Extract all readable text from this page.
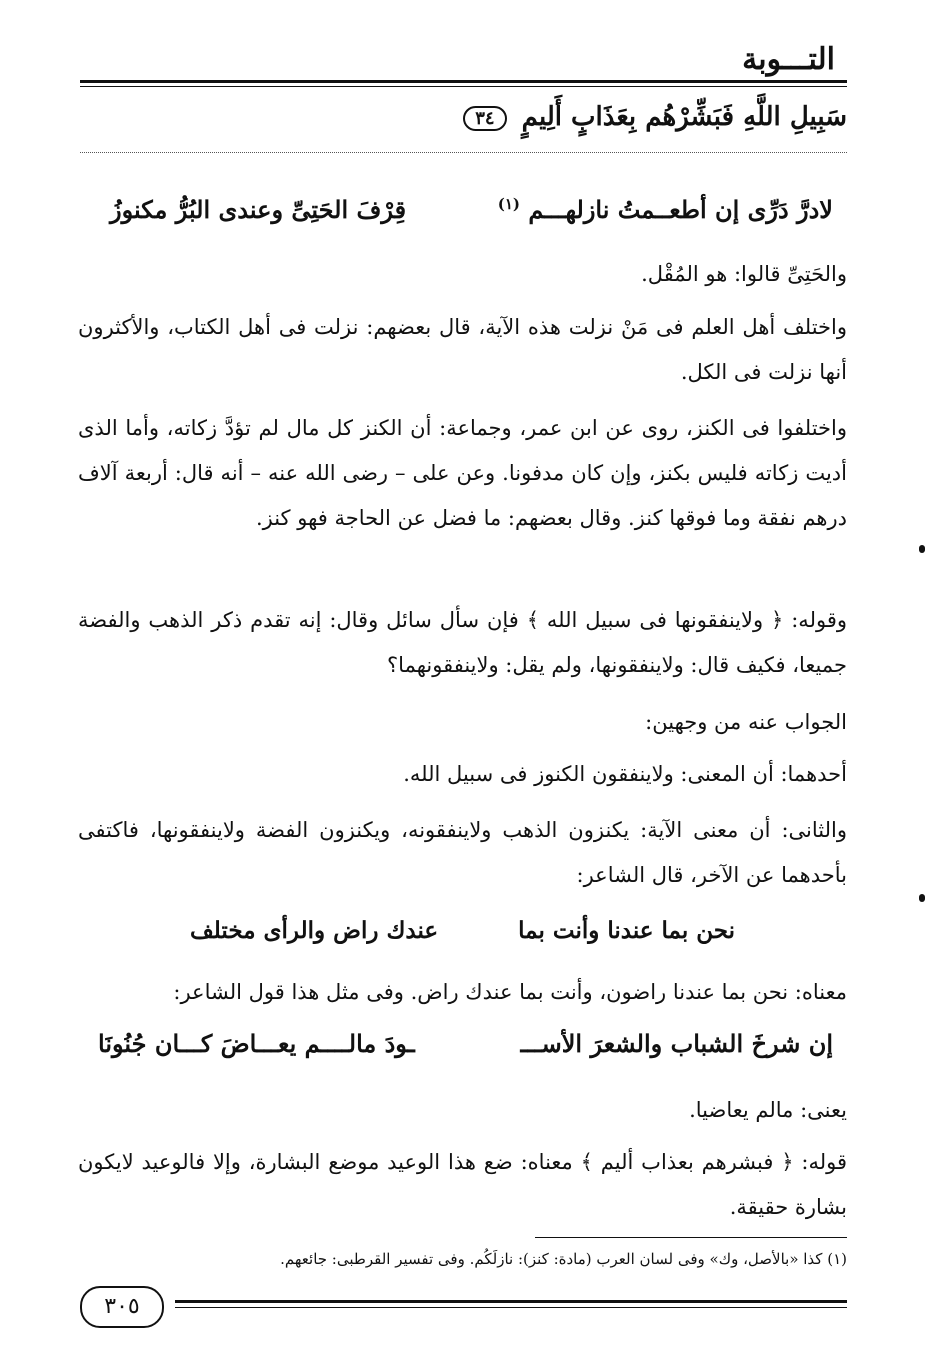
التـــوبة
سَبِيلِ اللَّهِ فَبَشِّرْهُم بِعَذَابٍ أَلِيمٍ ٣٤
لادرَّ دَرِّى إن أطعــمتُ نازلهـــم $^{(١)}$
قِرْفَ الحَتِىِّ وعندى البُرُّ مكنوزُ
والحَتِىِّ قالوا: هو المُقْل.
واختلف أهل العلم فى مَنْ نزلت هذه الآية، قال بعضهم: نزلت فى أهل الكتاب، والأكثرون أنها نزلت فى الكل.
واختلفوا فى الكنز، روى عن ابن عمر، وجماعة: أن الكنز كل مال لم تؤدَّ زكاته، وأما الذى أديت زكاته فليس بكنز، وإن كان مدفونا. وعن على – رضى الله عنه – أنه قال: أربعة آلاف درهم نفقة وما فوقها كنز. وقال بعضهم: ما فضل عن الحاجة فهو كنز.
وقوله: ﴿ ولاينفقونها فى سبيل الله ﴾ فإن سأل سائل وقال: إنه تقدم ذكر الذهب والفضة جميعا، فكيف قال: ولاينفقونها، ولم يقل: ولاينفقونهما؟
الجواب عنه من وجهين:
أحدهما: أن المعنى: ولاينفقون الكنوز فى سبيل الله.
والثانى: أن معنى الآية: يكنزون الذهب ولاينفقونه، ويكنزون الفضة ولاينفقونها، فاكتفى بأحدهما عن الآخر، قال الشاعر:
نحن بما عندنا وأنت بما
عندك راض والرأى مختلف
معناه: نحن بما عندنا راضون، وأنت بما عندك راض. وفى مثل هذا قول الشاعر:
إن شرخَ الشباب والشعرَ الأســـ
ـودَ مالــــم يعـــاضَ كـــان جُنُونَا
يعنى: مالم يعاضيا.
قوله: ﴿ فبشرهم بعذاب أليم ﴾ معناه: ضع هذا الوعيد موضع البشارة، وإلا فالوعيد لايكون بشارة حقيقة.
(١) كذا «بالأصل، وك» وفى لسان العرب (مادة: كنز): نازلَكُم. وفى تفسير القرطبى: جائعهم.
٣٠٥
